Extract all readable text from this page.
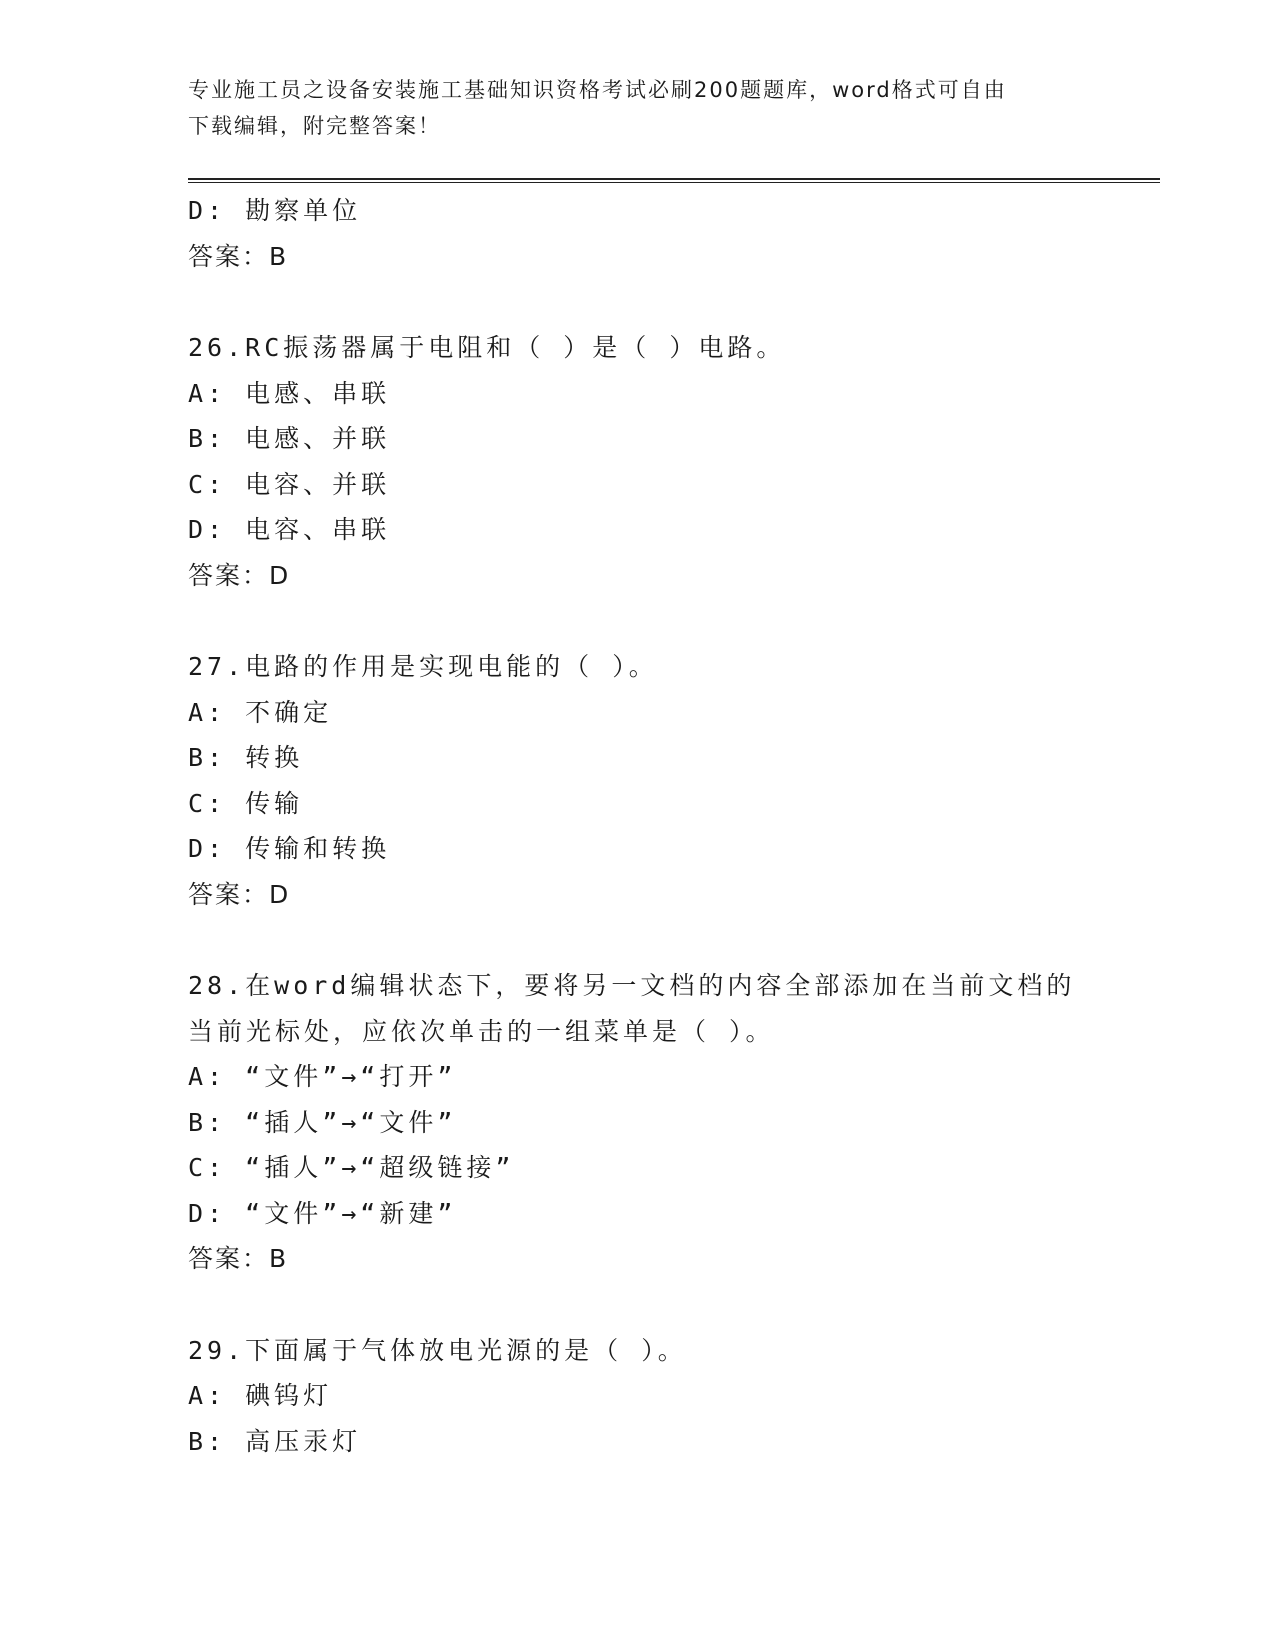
专业施工员之设备安装施工基础知识资格考试必刷200题题库，word格式可自由
下载编辑，附完整答案！
D: 勘察单位
答案：B
26.RC振荡器属于电阻和（ ）是（ ）电路。
A: 电感、串联
B: 电感、并联
C: 电容、并联
D: 电容、串联
答案：D
27.电路的作用是实现电能的（ ）。
A: 不确定
B: 转换
C: 传输
D: 传输和转换
答案：D
28.在word编辑状态下，要将另一文档的内容全部添加在当前文档的
当前光标处，应依次单击的一组菜单是（ ）。
A: “文件”→“打开”
B: “插人”→“文件”
C: “插人”→“超级链接”
D: “文件”→“新建”
答案：B
29.下面属于气体放电光源的是（ ）。
A: 碘钨灯
B: 高压汞灯
